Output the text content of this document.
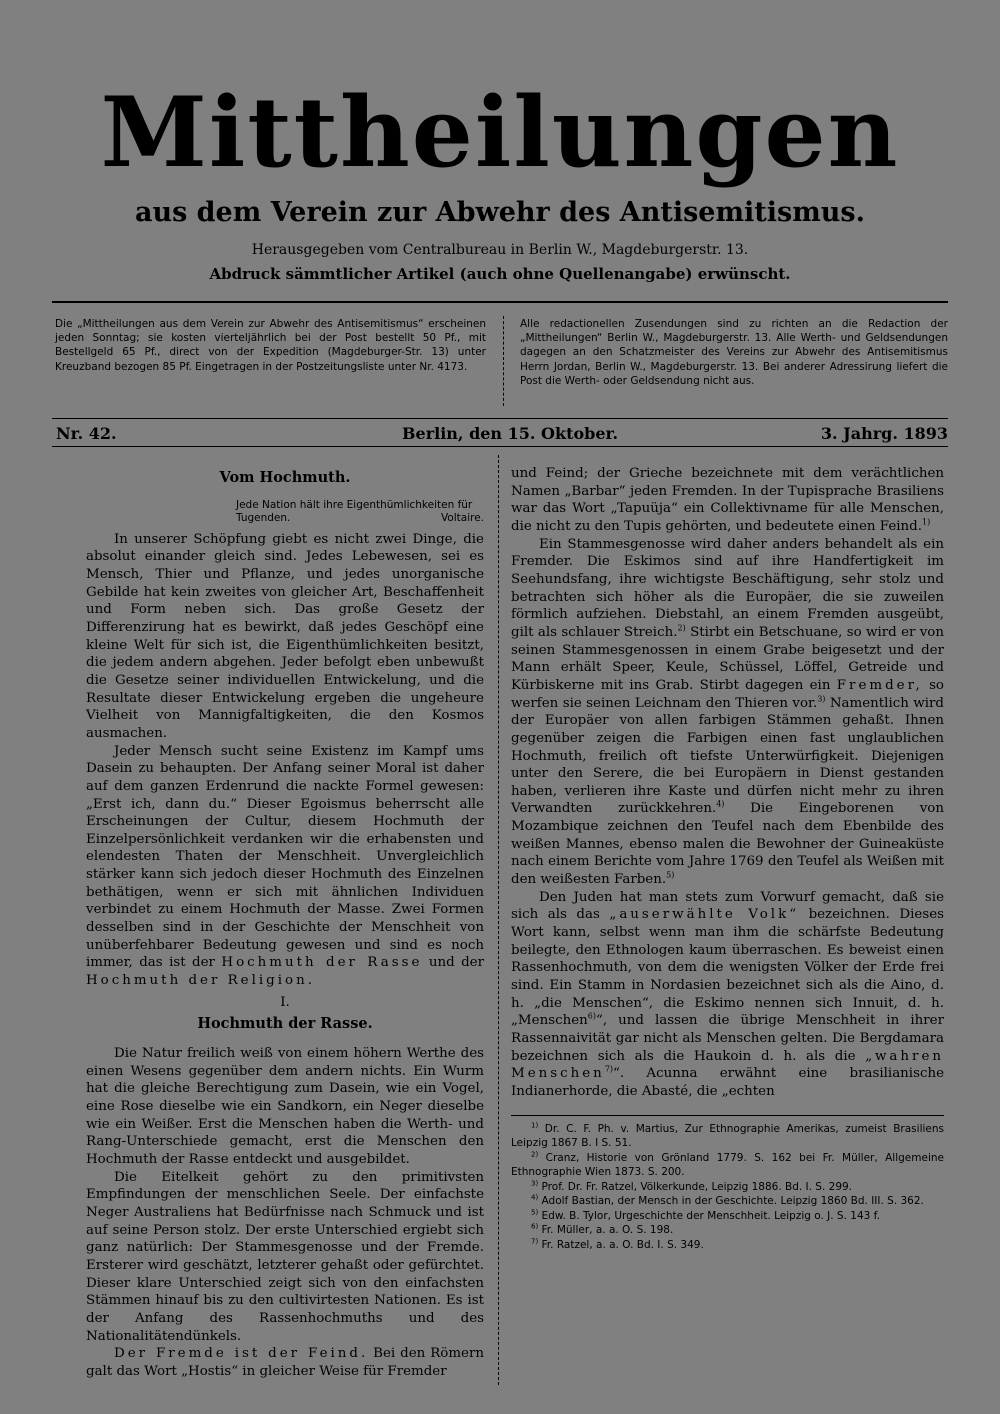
Mittheilungen
aus dem Verein zur Abwehr des Antisemitismus.
Herausgegeben vom Centralbureau in Berlin W., Magdeburgerstr. 13.
Abdruck sämmtlicher Artikel (auch ohne Quellenangabe) erwünscht.
Die „Mittheilungen aus dem Verein zur Abwehr des Antisemitismus“ erscheinen jeden Sonntag; sie kosten vierteljährlich bei der Post bestellt 50 Pf., mit Bestellgeld 65 Pf., direct von der Expedition (Magdeburger-Str. 13) unter Kreuzband bezogen 85 Pf. Eingetragen in der Postzeitungsliste unter Nr. 4173.
Alle redactionellen Zusendungen sind zu richten an die Redaction der „Mittheilungen“ Berlin W., Magdeburgerstr. 13. Alle Werth- und Geldsendungen dagegen an den Schatzmeister des Vereins zur Abwehr des Antisemitismus Herrn Jordan, Berlin W., Magdeburgerstr. 13. Bei anderer Adressirung liefert die Post die Werth- oder Geldsendung nicht aus.
Nr. 42.	Berlin, den 15. Oktober.	3. Jahrg. 1893
Vom Hochmuth.
Jede Nation hält ihre Eigenthümlichkeiten für Tugenden.	Voltaire.

In unserer Schöpfung giebt es nicht zwei Dinge, die absolut einander gleich sind. Jedes Lebewesen, sei es Mensch, Thier und Pflanze, und jedes unorganische Gebilde hat kein zweites von gleicher Art, Beschaffenheit und Form neben sich. Das große Gesetz der Differenzirung hat es bewirkt, daß jedes Geschöpf eine kleine Welt für sich ist, die Eigenthümlichkeiten besitzt, die jedem andern abgehen. Jeder befolgt eben unbewußt die Gesetze seiner individuellen Entwickelung, und die Resultate dieser Entwickelung ergeben die ungeheure Vielheit von Mannigfaltigkeiten, die den Kosmos ausmachen.

Jeder Mensch sucht seine Existenz im Kampf ums Dasein zu behaupten. Der Anfang seiner Moral ist daher auf dem ganzen Erdenrund die nackte Formel gewesen: „Erst ich, dann du.“ Dieser Egoismus beherrscht alle Erscheinungen der Cultur, diesem Hochmuth der Einzelpersönlichkeit verdanken wir die erhabensten und elendesten Thaten der Menschheit. Unvergleichlich stärker kann sich jedoch dieser Hochmuth des Einzelnen bethätigen, wenn er sich mit ähnlichen Individuen verbindet zu einem Hochmuth der Masse. Zwei Formen desselben sind in der Geschichte der Menschheit von unüberfehbarer Bedeutung gewesen und sind es noch immer, das ist der Hochmuth der Rasse und der Hochmuth der Religion.

I.
Hochmuth der Rasse.

Die Natur freilich weiß von einem höhern Werthe des einen Wesens gegenüber dem andern nichts. Ein Wurm hat die gleiche Berechtigung zum Dasein, wie ein Vogel, eine Rose dieselbe wie ein Sandkorn, ein Neger dieselbe wie ein Weißer. Erst die Menschen haben die Werth- und Rang-Unterschiede gemacht, erst die Menschen den Hochmuth der Rasse entdeckt und ausgebildet.

Die Eitelkeit gehört zu den primitivsten Empfindungen der menschlichen Seele. Der einfachste Neger Australiens hat Bedürfnisse nach Schmuck und ist auf seine Person stolz. Der erste Unterschied ergiebt sich ganz natürlich: Der Stammesgenosse und der Fremde. Ersterer wird geschätzt, letzterer gehaßt oder gefürchtet. Dieser klare Unterschied zeigt sich von den einfachsten Stämmen hinauf bis zu den cultivirtesten Nationen. Es ist der Anfang des Rassenhochmuths und des Nationalitätendünkels.

Der Fremde ist der Feind. Bei den Römern galt das Wort „Hostis“ in gleicher Weise für Fremder

und Feind; der Grieche bezeichnete mit dem verächtlichen Namen „Barbar“ jeden Fremden. In der Tupisprache Brasiliens war das Wort „Tapuüja“ ein Collektivname für alle Menschen, die nicht zu den Tupis gehörten, und bedeutete einen Feind.$^{1)}$

Ein Stammesgenosse wird daher anders behandelt als ein Fremder. Die Eskimos sind auf ihre Handfertigkeit im Seehundsfang, ihre wichtigste Beschäftigung, sehr stolz und betrachten sich höher als die Europäer, die sie zuweilen förmlich aufziehen. Diebstahl, an einem Fremden ausgeübt, gilt als schlauer Streich.$^{2)}$ Stirbt ein Betschuane, so wird er von seinen Stammesgenossen in einem Grabe beigesetzt und der Mann erhält Speer, Keule, Schüssel, Löffel, Getreide und Kürbiskerne mit ins Grab. Stirbt dagegen ein Fremder, so werfen sie seinen Leichnam den Thieren vor.$^{3)}$ Namentlich wird der Europäer von allen farbigen Stämmen gehaßt. Ihnen gegenüber zeigen die Farbigen einen fast unglaublichen Hochmuth, freilich oft tiefste Unterwürfigkeit. Diejenigen unter den Serere, die bei Europäern in Dienst gestanden haben, verlieren ihre Kaste und dürfen nicht mehr zu ihren Verwandten zurückkehren.$^{4)}$ Die Eingeborenen von Mozambique zeichnen den Teufel nach dem Ebenbilde des weißen Mannes, ebenso malen die Bewohner der Guineaküste nach einem Berichte vom Jahre 1769 den Teufel als Weißen mit den weißesten Farben.$^{5)}$

Den Juden hat man stets zum Vorwurf gemacht, daß sie sich als das „auserwählte Volk“ bezeichnen. Dieses Wort kann, selbst wenn man ihm die schärfste Bedeutung beilegte, den Ethnologen kaum überraschen. Es beweist einen Rassenhochmuth, von dem die wenigsten Völker der Erde frei sind. Ein Stamm in Nordasien bezeichnet sich als die Aino, d. h. „die Menschen“, die Eskimo nennen sich Innuit, d. h. „Menschen$^{6)}$“, und lassen die übrige Menschheit in ihrer Rassennaivität gar nicht als Menschen gelten. Die Bergdamara bezeichnen sich als die Haukoin d. h. als die „wahren Menschen$^{7)}$“. Acunna erwähnt eine brasilianische Indianerhorde, die Abasté, die „echten

$^{1)}$ Dr. C. F. Ph. v. Martius, Zur Ethnographie Amerikas, zumeist Brasiliens Leipzig 1867 B. I S. 51.
$^{2)}$ Cranz, Historie von Grönland 1779. S. 162 bei Fr. Müller, Allgemeine Ethnographie Wien 1873. S. 200.
$^{3)}$ Prof. Dr. Fr. Ratzel, Völkerkunde, Leipzig 1886. Bd. I. S. 299.
$^{4)}$ Adolf Bastian, der Mensch in der Geschichte. Leipzig 1860 Bd. III. S. 362.
$^{5)}$ Edw. B. Tylor, Urgeschichte der Menschheit. Leipzig o. J. S. 143 f.
$^{6)}$ Fr. Müller, a. a. O. S. 198.
$^{7)}$ Fr. Ratzel, a. a. O. Bd. I. S. 349.
